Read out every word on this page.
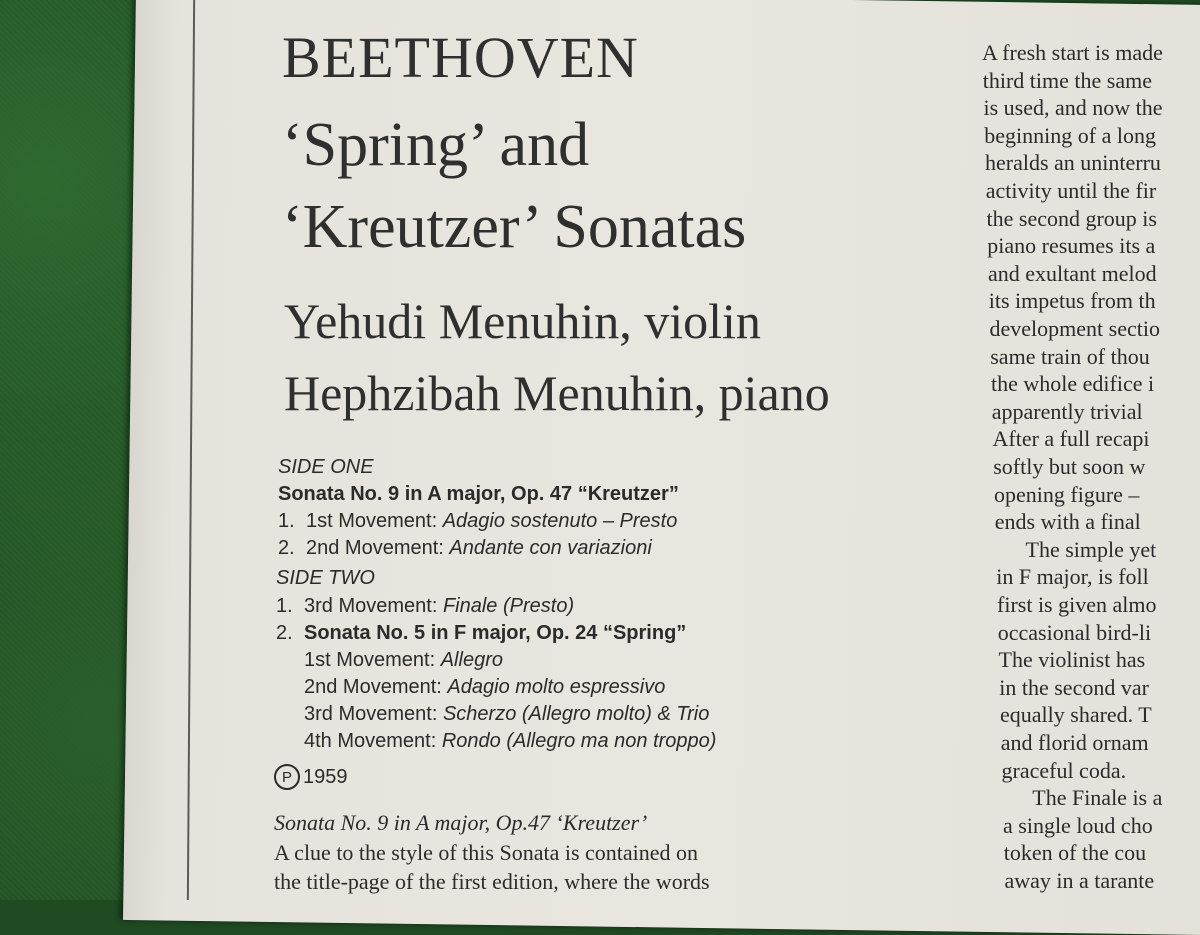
BEETHOVEN
‘Spring’ and
‘Kreutzer’ Sonatas
Yehudi Menuhin, violin
Hephzibah Menuhin, piano
SIDE ONE
Sonata No. 9 in A major, Op. 47 “Kreutzer”
1. 1st Movement: Adagio sostenuto – Presto
2. 2nd Movement: Andante con variazioni
SIDE TWO
1. 3rd Movement: Finale (Presto)
2. Sonata No. 5 in F major, Op. 24 “Spring”
1st Movement: Allegro
2nd Movement: Adagio molto espressivo
3rd Movement: Scherzo (Allegro molto) & Trio
4th Movement: Rondo (Allegro ma non troppo)
P 1959
Sonata No. 9 in A major, Op.47 ‘Kreutzer’
A clue to the style of this Sonata is contained on
the title-page of the first edition, where the words
A fresh start is made
third time the same
is used, and now the
beginning of a long
heralds an uninterru
activity until the fir
the second group is
piano resumes its a
and exultant melod
its impetus from th
development sectio
same train of thou
the whole edifice i
apparently trivial
After a full recapi
softly but soon w
opening figure –
ends with a final
The simple yet
in F major, is foll
first is given almo
occasional bird-li
The violinist has
in the second var
equally shared. T
and florid ornam
graceful coda.
The Finale is a
a single loud cho
token of the cou
away in a tarante
